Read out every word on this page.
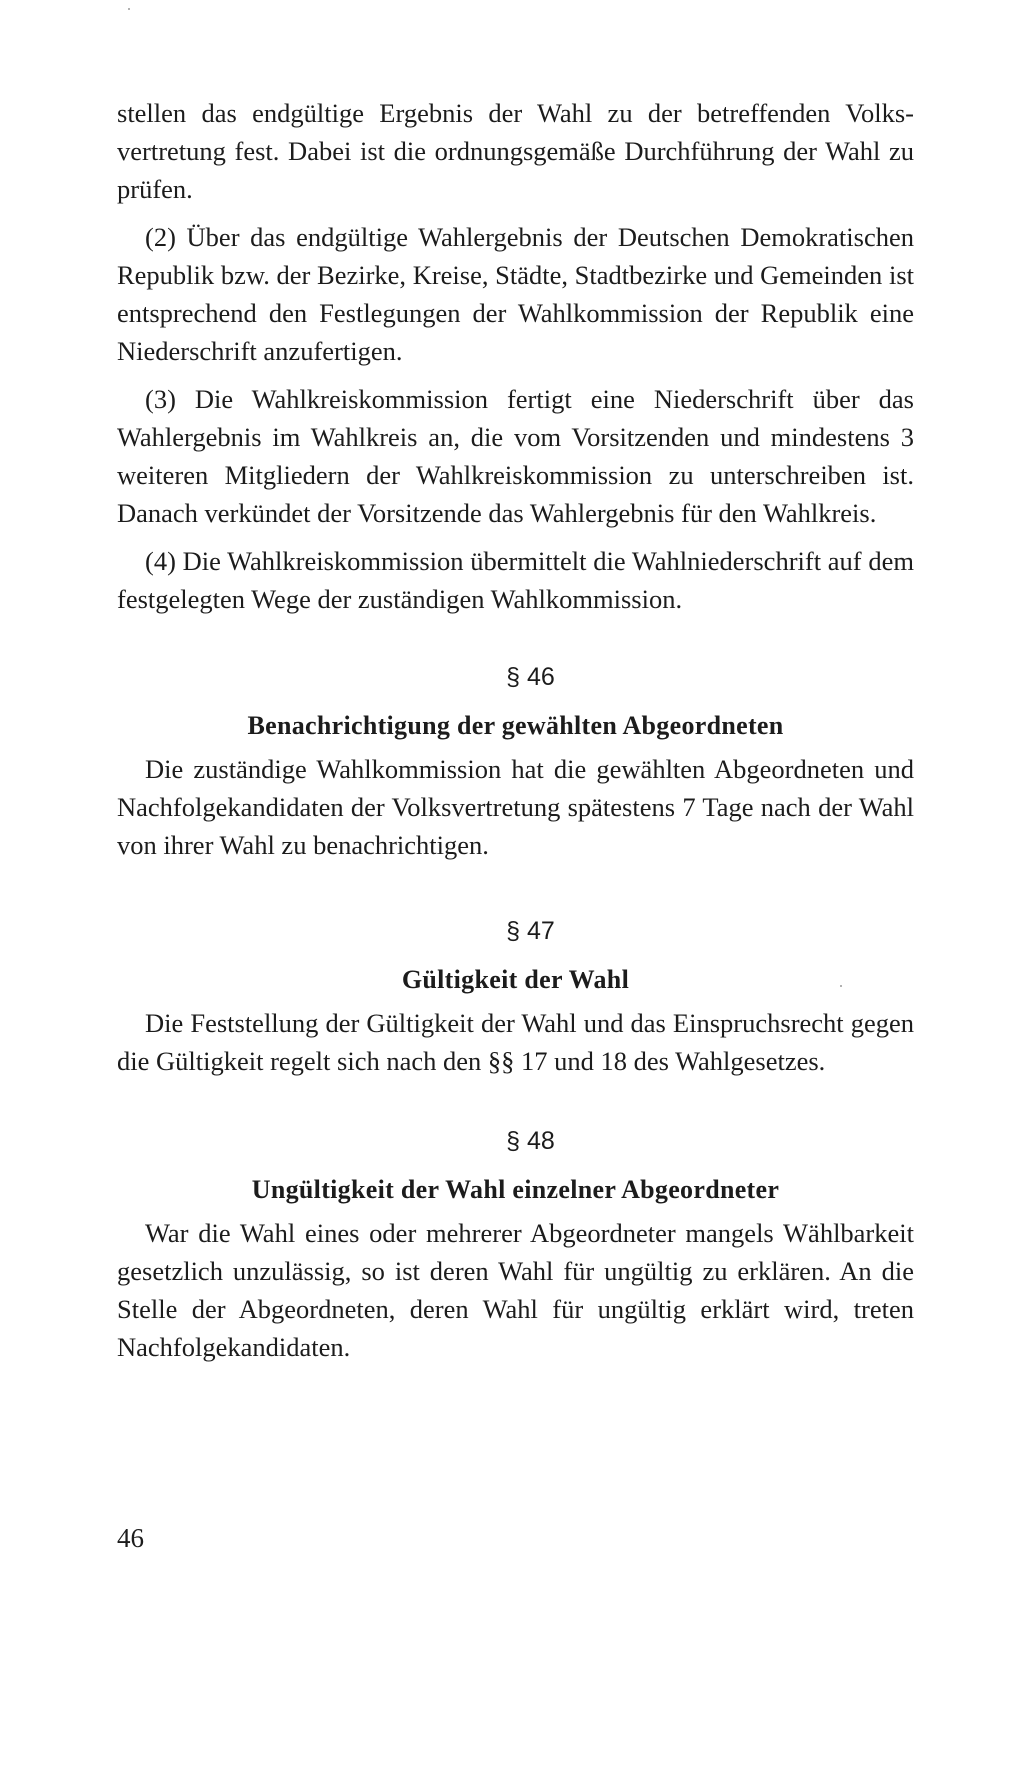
stellen das endgültige Ergebnis der Wahl zu der betreffenden Volksvertretung fest. Dabei ist die ordnungsgemäße Durchführung der Wahl zu prüfen.

(2) Über das endgültige Wahlergebnis der Deutschen Demokratischen Republik bzw. der Bezirke, Kreise, Städte, Stadtbezirke und Gemeinden ist entsprechend den Festlegungen der Wahlkommission der Republik eine Niederschrift anzufertigen.

(3) Die Wahlkreiskommission fertigt eine Niederschrift über das Wahlergebnis im Wahlkreis an, die vom Vorsitzenden und mindestens 3 weiteren Mitgliedern der Wahlkreiskommission zu unterschreiben ist. Danach verkündet der Vorsitzende das Wahlergebnis für den Wahlkreis.

(4) Die Wahlkreiskommission übermittelt die Wahlniederschrift auf dem festgelegten Wege der zuständigen Wahlkommission.

§ 46

Benachrichtigung der gewählten Abgeordneten

Die zuständige Wahlkommission hat die gewählten Abgeordneten und Nachfolgekandidaten der Volksvertretung spätestens 7 Tage nach der Wahl von ihrer Wahl zu benachrichtigen.

§ 47

Gültigkeit der Wahl

Die Feststellung der Gültigkeit der Wahl und das Einspruchsrecht gegen die Gültigkeit regelt sich nach den §§ 17 und 18 des Wahlgesetzes.

§ 48

Ungültigkeit der Wahl einzelner Abgeordneter

War die Wahl eines oder mehrerer Abgeordneter mangels Wählbarkeit gesetzlich unzulässig, so ist deren Wahl für ungültig zu erklären. An die Stelle der Abgeordneten, deren Wahl für ungültig erklärt wird, treten Nachfolgekandidaten.

46
